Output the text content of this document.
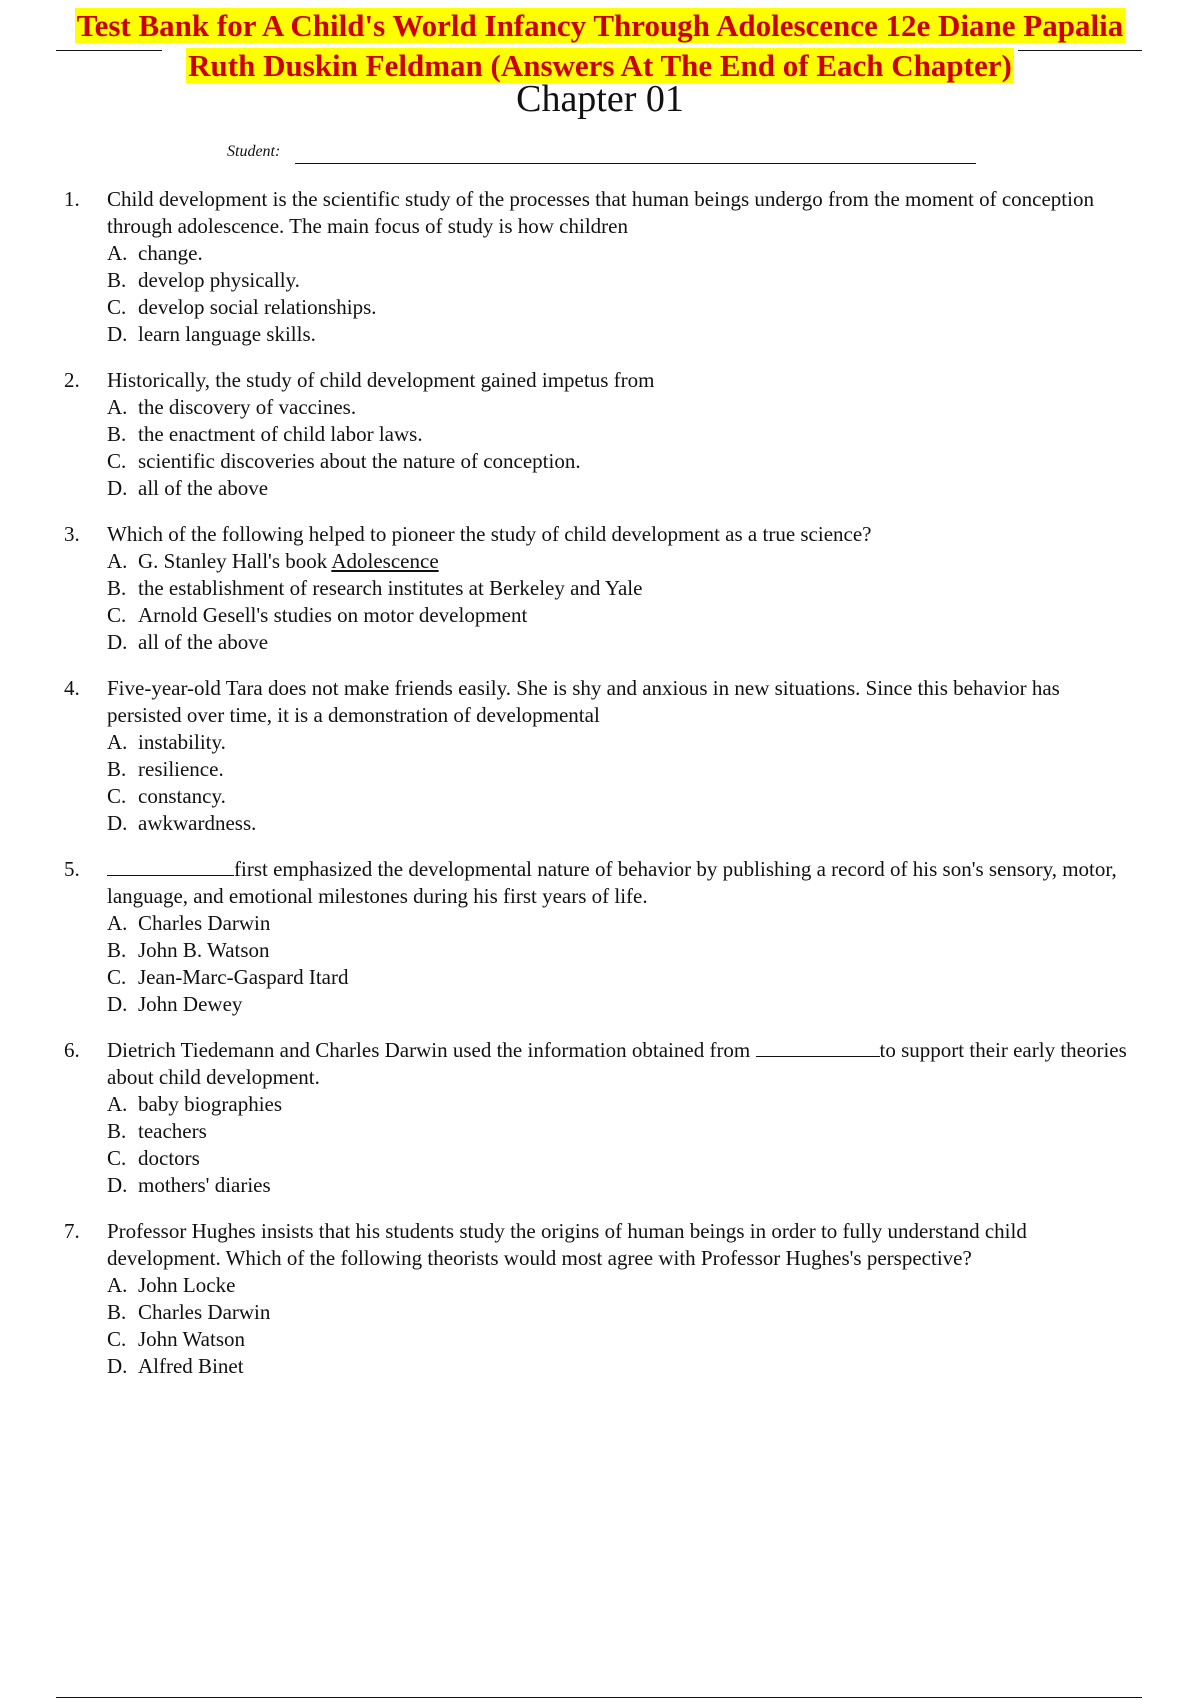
Test Bank for A Child's World Infancy Through Adolescence 12e Diane Papalia
Ruth Duskin Feldman (Answers At The End of Each Chapter)
Chapter 01
Student:
1.	Child development is the scientific study of the processes that human beings undergo from the moment of conception through adolescence. The main focus of study is how children

A. change.

B. develop physically.

C. develop social relationships.

D. learn language skills.

2.	Historically, the study of child development gained impetus from

A. the discovery of vaccines.

B. the enactment of child labor laws.

C. scientific discoveries about the nature of conception.

D. all of the above

3.	Which of the following helped to pioneer the study of child development as a true science?

A. G. Stanley Hall's book Adolescence

B. the establishment of research institutes at Berkeley and Yale

C. Arnold Gesell's studies on motor development

D. all of the above

4.	Five-year-old Tara does not make friends easily. She is shy and anxious in new situations. Since this behavior has persisted over time, it is a demonstration of developmental

A. instability.

B. resilience.

C. constancy.

D. awkwardness.

5.	first emphasized the developmental nature of behavior by publishing a record of his son's sensory, motor, language, and emotional milestones during his first years of life.

A. Charles Darwin

B. John B. Watson

C. Jean-Marc-Gaspard Itard

D. John Dewey

6.	Dietrich Tiedemann and Charles Darwin used the information obtained from	to support their early theories about child development.

A. baby biographies

B. teachers

C. doctors

D. mothers' diaries

7.	Professor Hughes insists that his students study the origins of human beings in order to fully understand child development. Which of the following theorists would most agree with Professor Hughes's perspective?

A. John Locke

B. Charles Darwin

C. John Watson

D. Alfred Binet
